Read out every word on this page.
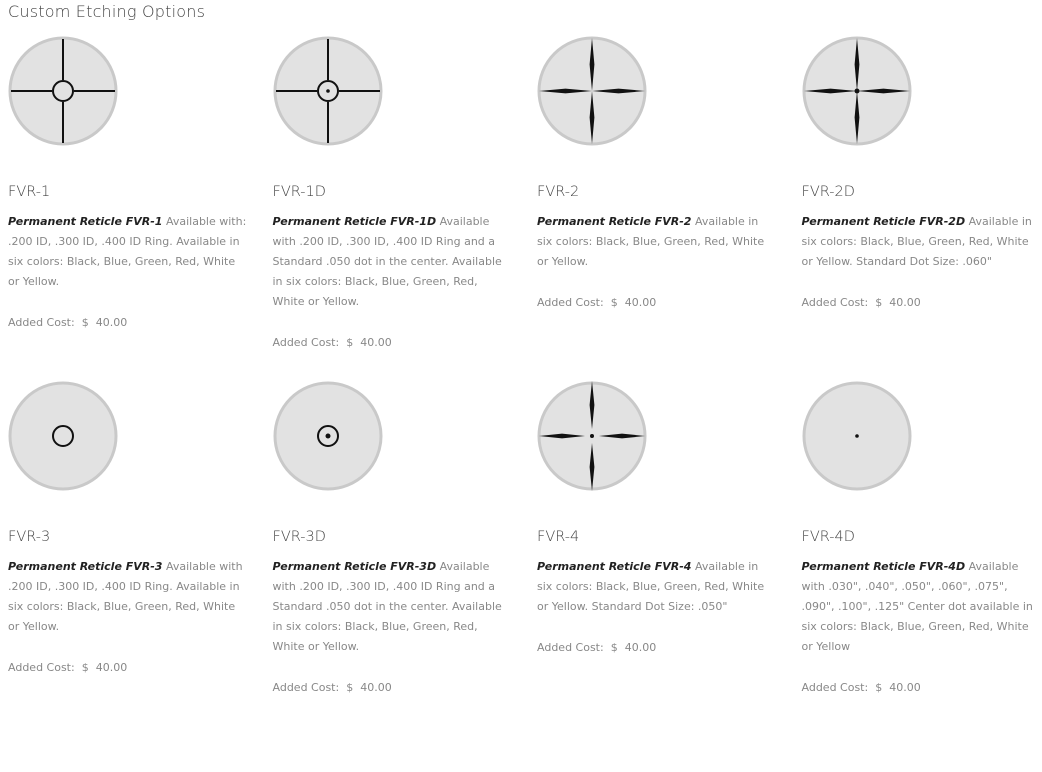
Custom Etching Options
FVR-1
Permanent Reticle FVR-1 Available with: .200 ID, .300 ID, .400 ID Ring. Available in six colors: Black, Blue, Green, Red, White or Yellow.
Added Cost: $ 40.00
FVR-1D
Permanent Reticle FVR-1D Available with .200 ID, .300 ID, .400 ID Ring and a Standard .050 dot in the center. Available in six colors: Black, Blue, Green, Red, White or Yellow.
Added Cost: $ 40.00
FVR-2
Permanent Reticle FVR-2 Available in six colors: Black, Blue, Green, Red, White or Yellow.
Added Cost: $ 40.00
FVR-2D
Permanent Reticle FVR-2D Available in six colors: Black, Blue, Green, Red, White or Yellow. Standard Dot Size: .060"
Added Cost: $ 40.00
FVR-3
Permanent Reticle FVR-3 Available with .200 ID, .300 ID, .400 ID Ring. Available in six colors: Black, Blue, Green, Red, White or Yellow.
Added Cost: $ 40.00
FVR-3D
Permanent Reticle FVR-3D Available with .200 ID, .300 ID, .400 ID Ring and a Standard .050 dot in the center. Available in six colors: Black, Blue, Green, Red, White or Yellow.
Added Cost: $ 40.00
FVR-4
Permanent Reticle FVR-4 Available in six colors: Black, Blue, Green, Red, White or Yellow. Standard Dot Size: .050"
Added Cost: $ 40.00
FVR-4D
Permanent Reticle FVR-4D Available with .030", .040", .050", .060", .075", .090", .100", .125" Center dot available in six colors: Black, Blue, Green, Red, White or Yellow
Added Cost: $ 40.00
